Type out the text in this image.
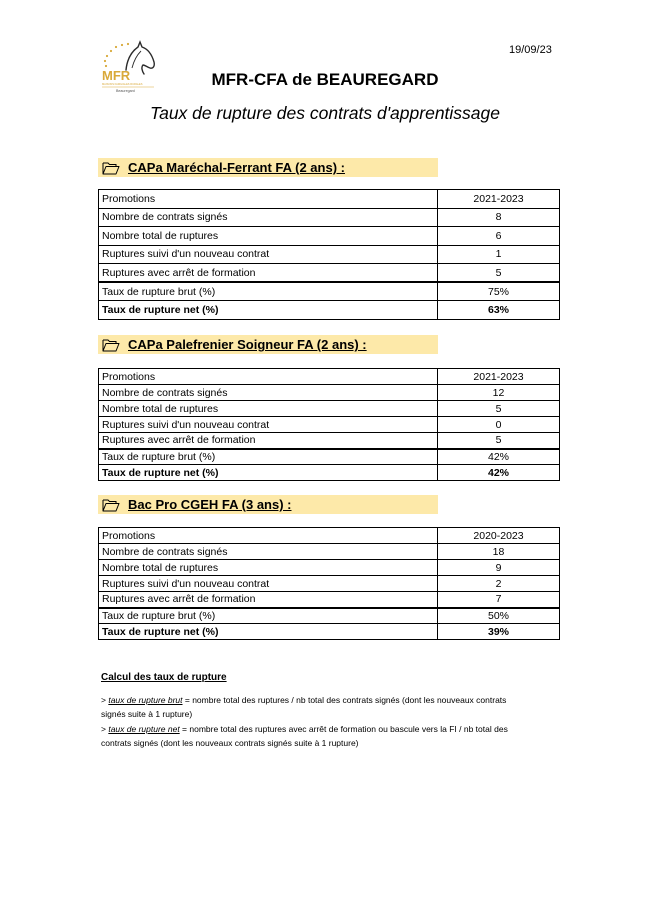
MFR
MAISONS FAMILIALES RURALES
Beauregard
19/09/23
MFR-CFA de BEAUREGARD
Taux de rupture des contrats d'apprentissage
CAPa Maréchal-Ferrant FA (2 ans) :
Promotions	2021-2023
Nombre de contrats signés	8
Nombre total de ruptures	6
Ruptures suivi d'un nouveau contrat	1
Ruptures avec arrêt de formation	5
Taux de rupture brut (%)	75%
Taux de rupture net (%)	63%
CAPa Palefrenier Soigneur FA (2 ans) :
Promotions	2021-2023
Nombre de contrats signés	12
Nombre total de ruptures	5
Ruptures suivi d'un nouveau contrat	0
Ruptures avec arrêt de formation	5
Taux de rupture brut (%)	42%
Taux de rupture net (%)	42%
Bac Pro CGEH FA (3 ans) :
Promotions	2020-2023
Nombre de contrats signés	18
Nombre total de ruptures	9
Ruptures suivi d'un nouveau contrat	2
Ruptures avec arrêt de formation	7
Taux de rupture brut (%)	50%
Taux de rupture net (%)	39%
Calcul des taux de rupture
> taux de rupture brut = nombre total des ruptures / nb total des contrats signés (dont les nouveaux contrats
signés suite à 1 rupture)
> taux de rupture net = nombre total des ruptures avec arrêt de formation ou bascule vers la FI / nb total des
contrats signés (dont les nouveaux contrats signés suite à 1 rupture)
